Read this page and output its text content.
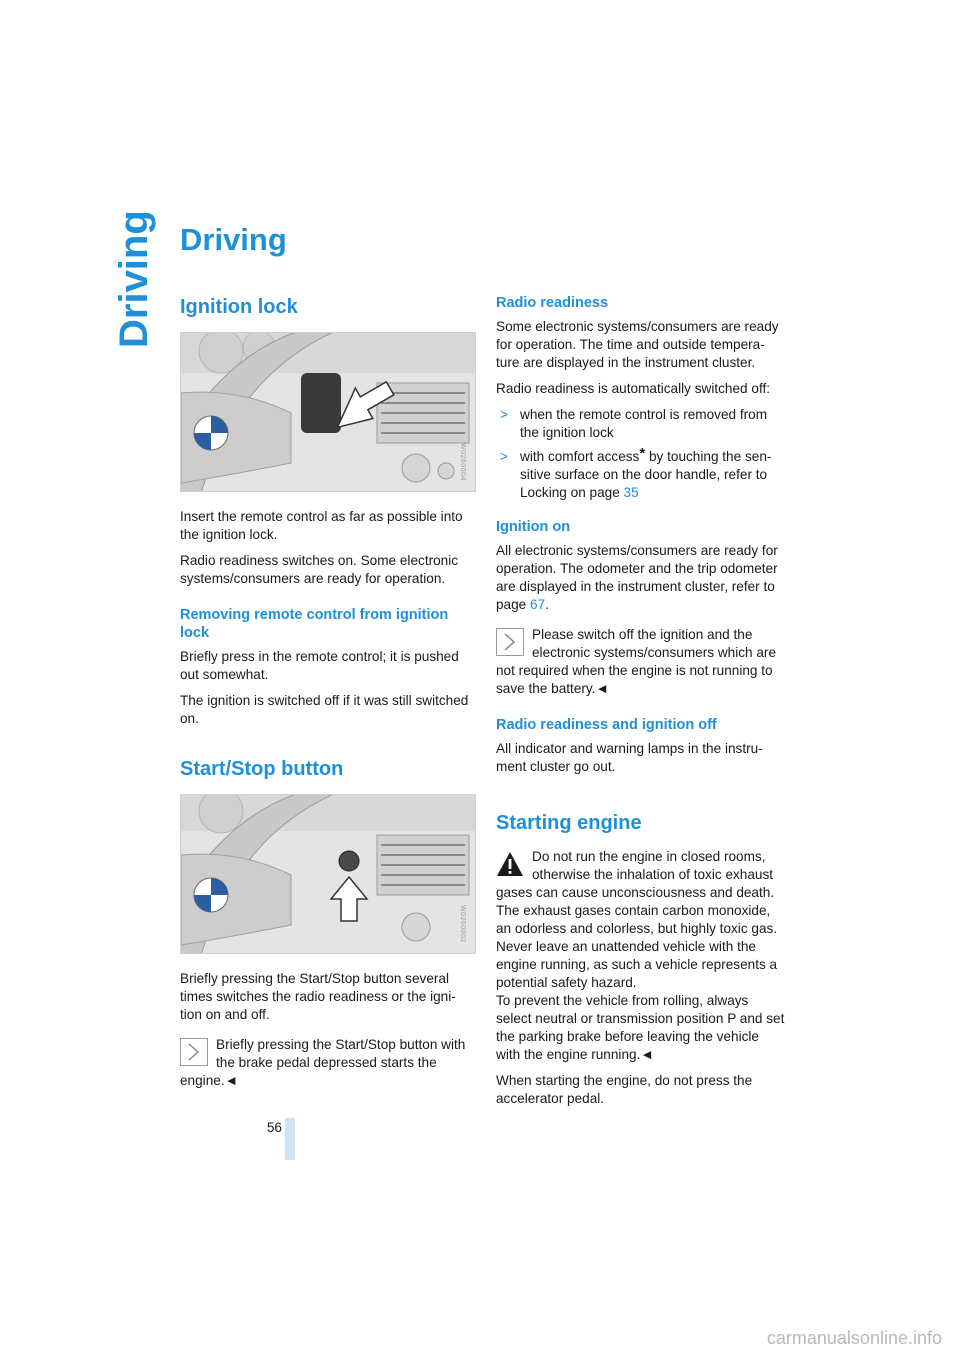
Driving Driving
Ignition lock
W0260004

Insert the remote control as far as possible into the ignition lock.

Radio readiness switches on. Some electronic systems/consumers are ready for operation.

Removing remote control from ignition lock

Briefly press in the remote control; it is pushed out somewhat.

The ignition is switched off if it was still switched on.

Start/Stop button
W0260002

Briefly pressing the Start/Stop button several times switches the radio readiness or the igni-tion on and off.

Briefly pressing the Start/Stop button with the brake pedal depressed starts the
engine.◄
Radio readiness

Some electronic systems/consumers are ready for operation. The time and outside tempera-ture are displayed in the instrument cluster.

Radio readiness is automatically switched off:

> when the remote control is removed from the ignition lock
> with comfort access* by touching the sen-sitive surface on the door handle, refer to Locking on page 35
Ignition on

All electronic systems/consumers are ready for operation. The odometer and the trip odometer are displayed in the instrument cluster, refer to page 67.

Please switch off the ignition and the electronic systems/consumers which are
not required when the engine is not running to save the battery.◄
Radio readiness and ignition off

All indicator and warning lamps in the instru-ment cluster go out.

Starting engine
Do not run the engine in closed rooms, otherwise the inhalation of toxic exhaust
gases can cause unconsciousness and death. The exhaust gases contain carbon monoxide, an odorless and colorless, but highly toxic gas. Never leave an unattended vehicle with the engine running, as such a vehicle represents a potential safety hazard.
To prevent the vehicle from rolling, always select neutral or transmission position P and set the parking brake before leaving the vehicle with the engine running.◄

When starting the engine, do not press the accelerator pedal.

56
carmanualsonline.info
